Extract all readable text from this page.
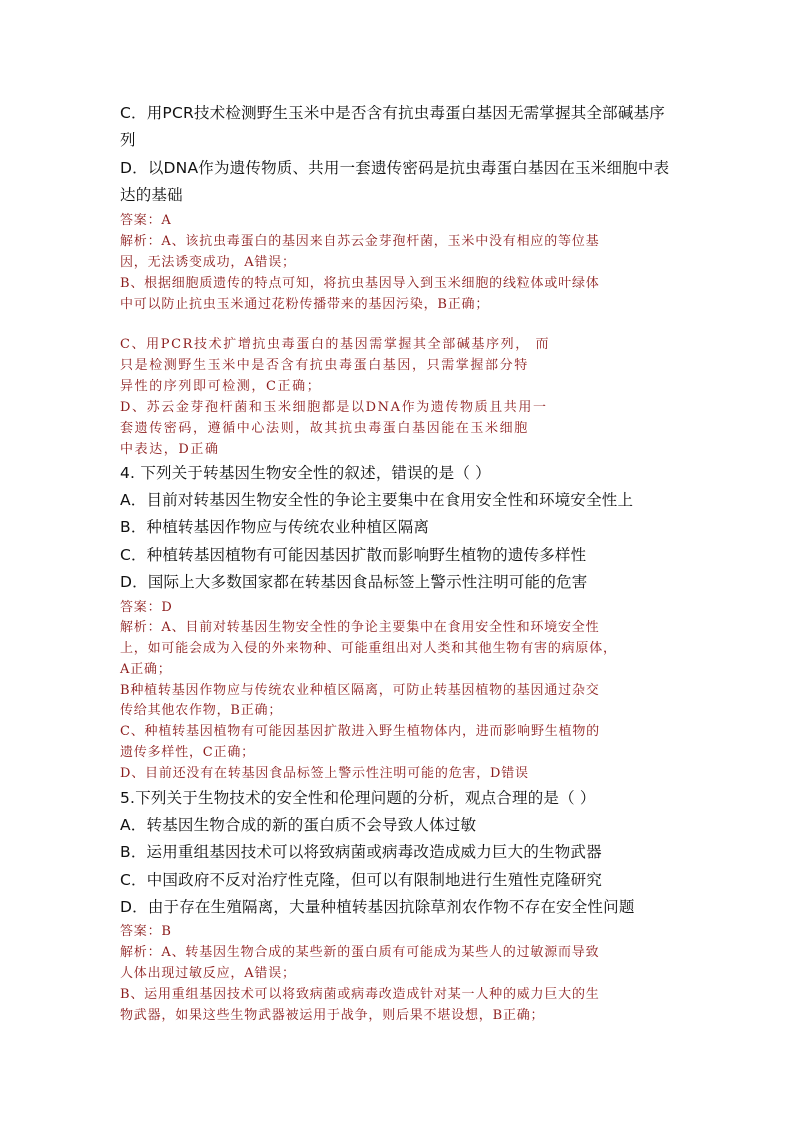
C．用PCR技术检测野生玉米中是否含有抗虫毒蛋白基因无需掌握其全部碱基序
列
D．以DNA作为遗传物质、共用一套遗传密码是抗虫毒蛋白基因在玉米细胞中表
达的基础
答案：A
解析：A、该抗虫毒蛋白的基因来自苏云金芽孢杆菌，玉米中没有相应的等位基
因，无法诱变成功，A错误；
B、根据细胞质遗传的特点可知，将抗虫基因导入到玉米细胞的线粒体或叶绿体
中可以防止抗虫玉米通过花粉传播带来的基因污染，B正确；
C、用PCR技术扩增抗虫毒蛋白的基因需掌握其全部碱基序列， 而
只是检测野生玉米中是否含有抗虫毒蛋白基因，只需掌握部分特
异性的序列即可检测，C正确；
D、苏云金芽孢杆菌和玉米细胞都是以DNA作为遗传物质且共用一
套遗传密码，遵循中心法则，故其抗虫毒蛋白基因能在玉米细胞
中表达，D正确
4. 下列关于转基因生物安全性的叙述，错误的是（ ）
A．目前对转基因生物安全性的争论主要集中在食用安全性和环境安全性上
B．种植转基因作物应与传统农业种植区隔离
C．种植转基因植物有可能因基因扩散而影响野生植物的遗传多样性
D．国际上大多数国家都在转基因食品标签上警示性注明可能的危害
答案：D
解析：A、目前对转基因生物安全性的争论主要集中在食用安全性和环境安全性
上，如可能会成为入侵的外来物种、可能重组出对人类和其他生物有害的病原体，
A正确；
B种植转基因作物应与传统农业种植区隔离，可防止转基因植物的基因通过杂交
传给其他农作物，B正确；
C、种植转基因植物有可能因基因扩散进入野生植物体内，进而影响野生植物的
遗传多样性，C正确；
D、目前还没有在转基因食品标签上警示性注明可能的危害，D错误
5.下列关于生物技术的安全性和伦理问题的分析，观点合理的是（ ）
A．转基因生物合成的新的蛋白质不会导致人体过敏
B．运用重组基因技术可以将致病菌或病毒改造成威力巨大的生物武器
C．中国政府不反对治疗性克隆，但可以有限制地进行生殖性克隆研究
D．由于存在生殖隔离，大量种植转基因抗除草剂农作物不存在安全性问题
答案：B
解析：A、转基因生物合成的某些新的蛋白质有可能成为某些人的过敏源而导致
人体出现过敏反应，A错误；
B、运用重组基因技术可以将致病菌或病毒改造成针对某一人种的威力巨大的生
物武器，如果这些生物武器被运用于战争，则后果不堪设想，B正确；
